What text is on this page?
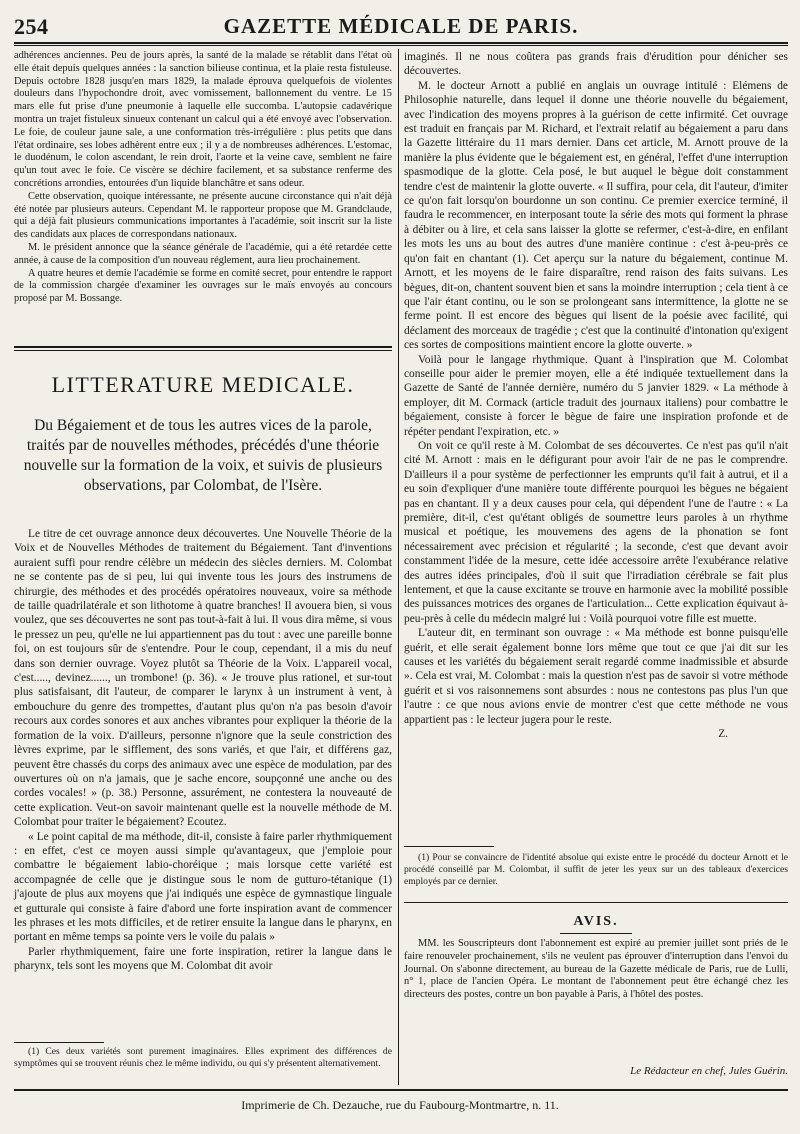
GAZETTE MÉDICALE DE PARIS.
254

adhérences anciennes. Peu de jours après, la santé de la malade se rétablit dans l'état où elle était depuis quelques années : la sanction bilieuse continua, et la plaie resta fistuleuse. Depuis octobre 1828 jusqu'en mars 1829, la malade éprouva quelquefois de violentes douleurs dans l'hypochondre droit, avec vomissement, ballonnement du ventre. Le 15 mars elle fut prise d'une pneumonie à laquelle elle succomba. L'autopsie cadavérique montra un trajet fistuleux sinueux contenant un calcul qui a été envoyé avec l'observation. Le foie, de couleur jaune sale, a une conformation très-irrégulière : plus petits que dans l'état ordinaire, ses lobes adhèrent entre eux ; il y a de nombreuses adhérences. L'estomac, le duodénum, le colon ascendant, le rein droit, l'aorte et la veine cave, semblent ne faire qu'un tout avec le foie. Ce viscère se déchire facilement, et sa substance renferme des concrétions arrondies, entourées d'un liquide blanchâtre et sans odeur.

Cette observation, quoique intéressante, ne présente aucune circonstance qui n'ait déjà été notée par plusieurs auteurs. Cependant M. le rapporteur propose que M. Grandclaude, qui a déjà fait plusieurs communications importantes à l'académie, soit inscrit sur la liste des candidats aux places de correspondans nationaux.

M. le président annonce que la séance générale de l'académie, qui a été retardée cette année, à cause de la composition d'un nouveau réglement, aura lieu prochainement.

A quatre heures et demie l'académie se forme en comité secret, pour entendre le rapport de la commission chargée d'examiner les ouvrages sur le maïs envoyés au concours proposé par M. Bossange.

LITTERATURE MEDICALE.
Du Bégaiement et de tous les autres vices de la parole, traités par de nouvelles méthodes, précédés d'une théorie nouvelle sur la formation de la voix, et suivis de plusieurs observations, par Colombat, de l'Isère.

Le titre de cet ouvrage annonce deux découvertes. Une Nouvelle Théorie de la Voix et de Nouvelles Méthodes de traitement du Bégaiement. Tant d'inventions auraient suffi pour rendre célèbre un médecin des siècles derniers. M. Colombat ne se contente pas de si peu, lui qui invente tous les jours des instrumens de chirurgie, des méthodes et des procédés opératoires nouveaux, voire sa méthode de taille quadrilatérale et son lithotome à quatre branches! Il avouera bien, si vous voulez, que ses découvertes ne sont pas tout-à-fait à lui. Il vous dira même, si vous le pressez un peu, qu'elle ne lui appartiennent pas du tout : avec une pareille bonne foi, on est toujours sûr de s'entendre. Pour le coup, cependant, il a mis du neuf dans son dernier ouvrage. Voyez plutôt sa Théorie de la Voix. L'appareil vocal, c'est....., devinez......, un trombone! (p. 36). « Je trouve plus rationel, et sur-tout plus satisfaisant, dit l'auteur, de comparer le larynx à un instrument à vent, à embouchure du genre des trompettes, d'autant plus qu'on n'a pas besoin d'avoir recours aux cordes sonores et aux anches vibrantes pour expliquer la théorie de la formation de la voix. D'ailleurs, personne n'ignore que la seule constriction des lèvres exprime, par le sifflement, des sons variés, et que l'air, et différens gaz, peuvent être chassés du corps des animaux avec une espèce de modulation, par des ouvertures où on n'a jamais, que je sache encore, soupçonné une anche ou des cordes vocales! » (p. 38.) Personne, assurément, ne contestera la nouveauté de cette explication. Veut-on savoir maintenant quelle est la nouvelle méthode de M. Colombat pour traiter le bégaiement? Ecoutez.

« Le point capital de ma méthode, dit-il, consiste à faire parler rhythmiquement : en effet, c'est ce moyen aussi simple qu'avantageux, que j'emploie pour combattre le bégaiement labio-choréique ; mais lorsque cette variété est accompagnée de celle que je distingue sous le nom de gutturo-tétanique (1) j'ajoute de plus aux moyens que j'ai indiqués une espèce de gymnastique linguale et gutturale qui consiste à faire d'abord une forte inspiration avant de commencer les phrases et les mots difficiles, et de retirer ensuite la langue dans le pharynx, en portant en même temps sa pointe vers le voile du palais »

Parler rhythmiquement, faire une forte inspiration, retirer la langue dans le pharynx, tels sont les moyens que M. Colombat dit avoir

(1) Ces deux variétés sont purement imaginaires. Elles expriment des différences de symptômes qui se trouvent réunis chez le même individu, ou qui s'y présentent alternativement.

imaginés. Il ne nous coûtera pas grands frais d'érudition pour dénicher ses découvertes.

M. le docteur Arnott a publié en anglais un ouvrage intitulé : Elémens de Philosophie naturelle, dans lequel il donne une théorie nouvelle du bégaiement, avec l'indication des moyens propres à la guérison de cette infirmité. Cet ouvrage est traduit en français par M. Richard, et l'extrait relatif au bégaiement a paru dans la Gazette littéraire du 11 mars dernier. Dans cet article, M. Arnott prouve de la manière la plus évidente que le bégaiement est, en général, l'effet d'une interruption spasmodique de la glotte. Cela posé, le but auquel le bègue doit constamment tendre c'est de maintenir la glotte ouverte. « Il suffira, pour cela, dit l'auteur, d'imiter ce qu'on fait lorsqu'on bourdonne un son continu. Ce premier exercice terminé, il faudra le recommencer, en interposant toute la série des mots qui forment la phrase à débiter ou à lire, et cela sans laisser la glotte se refermer, c'est-à-dire, en enfilant les mots les uns au bout des autres d'une manière continue : c'est à-peu-près ce qu'on fait en chantant (1). Cet aperçu sur la nature du bégaiement, continue M. Arnott, et les moyens de le faire disparaître, rend raison des faits suivans. Les bègues, dit-on, chantent souvent bien et sans la moindre interruption ; cela tient à ce que l'air étant continu, ou le son se prolongeant sans intermittence, la glotte ne se ferme point. Il est encore des bègues qui lisent de la poésie avec facilité, qui déclament des morceaux de tragédie ; c'est que la continuité d'intonation qu'exigent ces sortes de compositions maintient encore la glotte ouverte. »

Voilà pour le langage rhythmique. Quant à l'inspiration que M. Colombat conseille pour aider le premier moyen, elle a été indiquée textuellement dans la Gazette de Santé de l'année dernière, numéro du 5 janvier 1829. « La méthode à employer, dit M. Cormack (article traduit des journaux italiens) pour combattre le bégaiement, consiste à forcer le bègue de faire une inspiration profonde et de répéter pendant l'expiration, etc. »

On voit ce qu'il reste à M. Colombat de ses découvertes. Ce n'est pas qu'il n'ait cité M. Arnott : mais en le défigurant pour avoir l'air de ne pas le comprendre. D'ailleurs il a pour système de perfectionner les emprunts qu'il fait à autrui, et il a eu soin d'expliquer d'une manière toute différente pourquoi les bègues ne bégaient pas en chantant. Il y a deux causes pour cela, qui dépendent l'une de l'autre : « La première, dit-il, c'est qu'étant obligés de soumettre leurs paroles à un rhythme musical et poétique, les mouvemens des agens de la phonation se font nécessairement avec précision et régularité ; la seconde, c'est que devant avoir constamment l'idée de la mesure, cette idée accessoire arrête l'exubérance relative des autres idées principales, d'où il suit que l'irradiation cérébrale se fait plus lentement, et que la cause excitante se trouve en harmonie avec la mobilité possible des puissances motrices des organes de l'articulation... Cette explication équivaut à-peu-près à celle du médecin malgré lui : Voilà pourquoi votre fille est muette.

L'auteur dit, en terminant son ouvrage : « Ma méthode est bonne puisqu'elle guérit, et elle serait également bonne lors même que tout ce que j'ai dit sur les causes et les variétés du bégaiement serait regardé comme inadmissible et absurde ». Cela est vrai, M. Colombat : mais la question n'est pas de savoir si votre méthode guérit et si vos raisonnemens sont absurdes : nous ne contestons pas plus l'un que l'autre : ce que nous avions envie de montrer c'est que cette méthode ne vous appartient pas : le lecteur jugera pour le reste.

Z.

(1) Pour se convaincre de l'identité absolue qui existe entre le procédé du docteur Arnott et le procédé conseillé par M. Colombat, il suffit de jeter les yeux sur un des tableaux d'exercices employés par ce dernier.

AVIS.

MM. les Souscripteurs dont l'abonnement est expiré au premier juillet sont priés de le faire renouveler prochainement, s'ils ne veulent pas éprouver d'interruption dans l'envoi du Journal. On s'abonne directement, au bureau de la Gazette médicale de Paris, rue de Lulli, n° 1, place de l'ancien Opéra. Le montant de l'abonnement peut être échangé chez les directeurs des postes, contre un bon payable à Paris, à l'hôtel des postes.

Le Rédacteur en chef, Jules Guérin.
Imprimerie de Ch. Dezauche, rue du Faubourg-Montmartre, n. 11.
